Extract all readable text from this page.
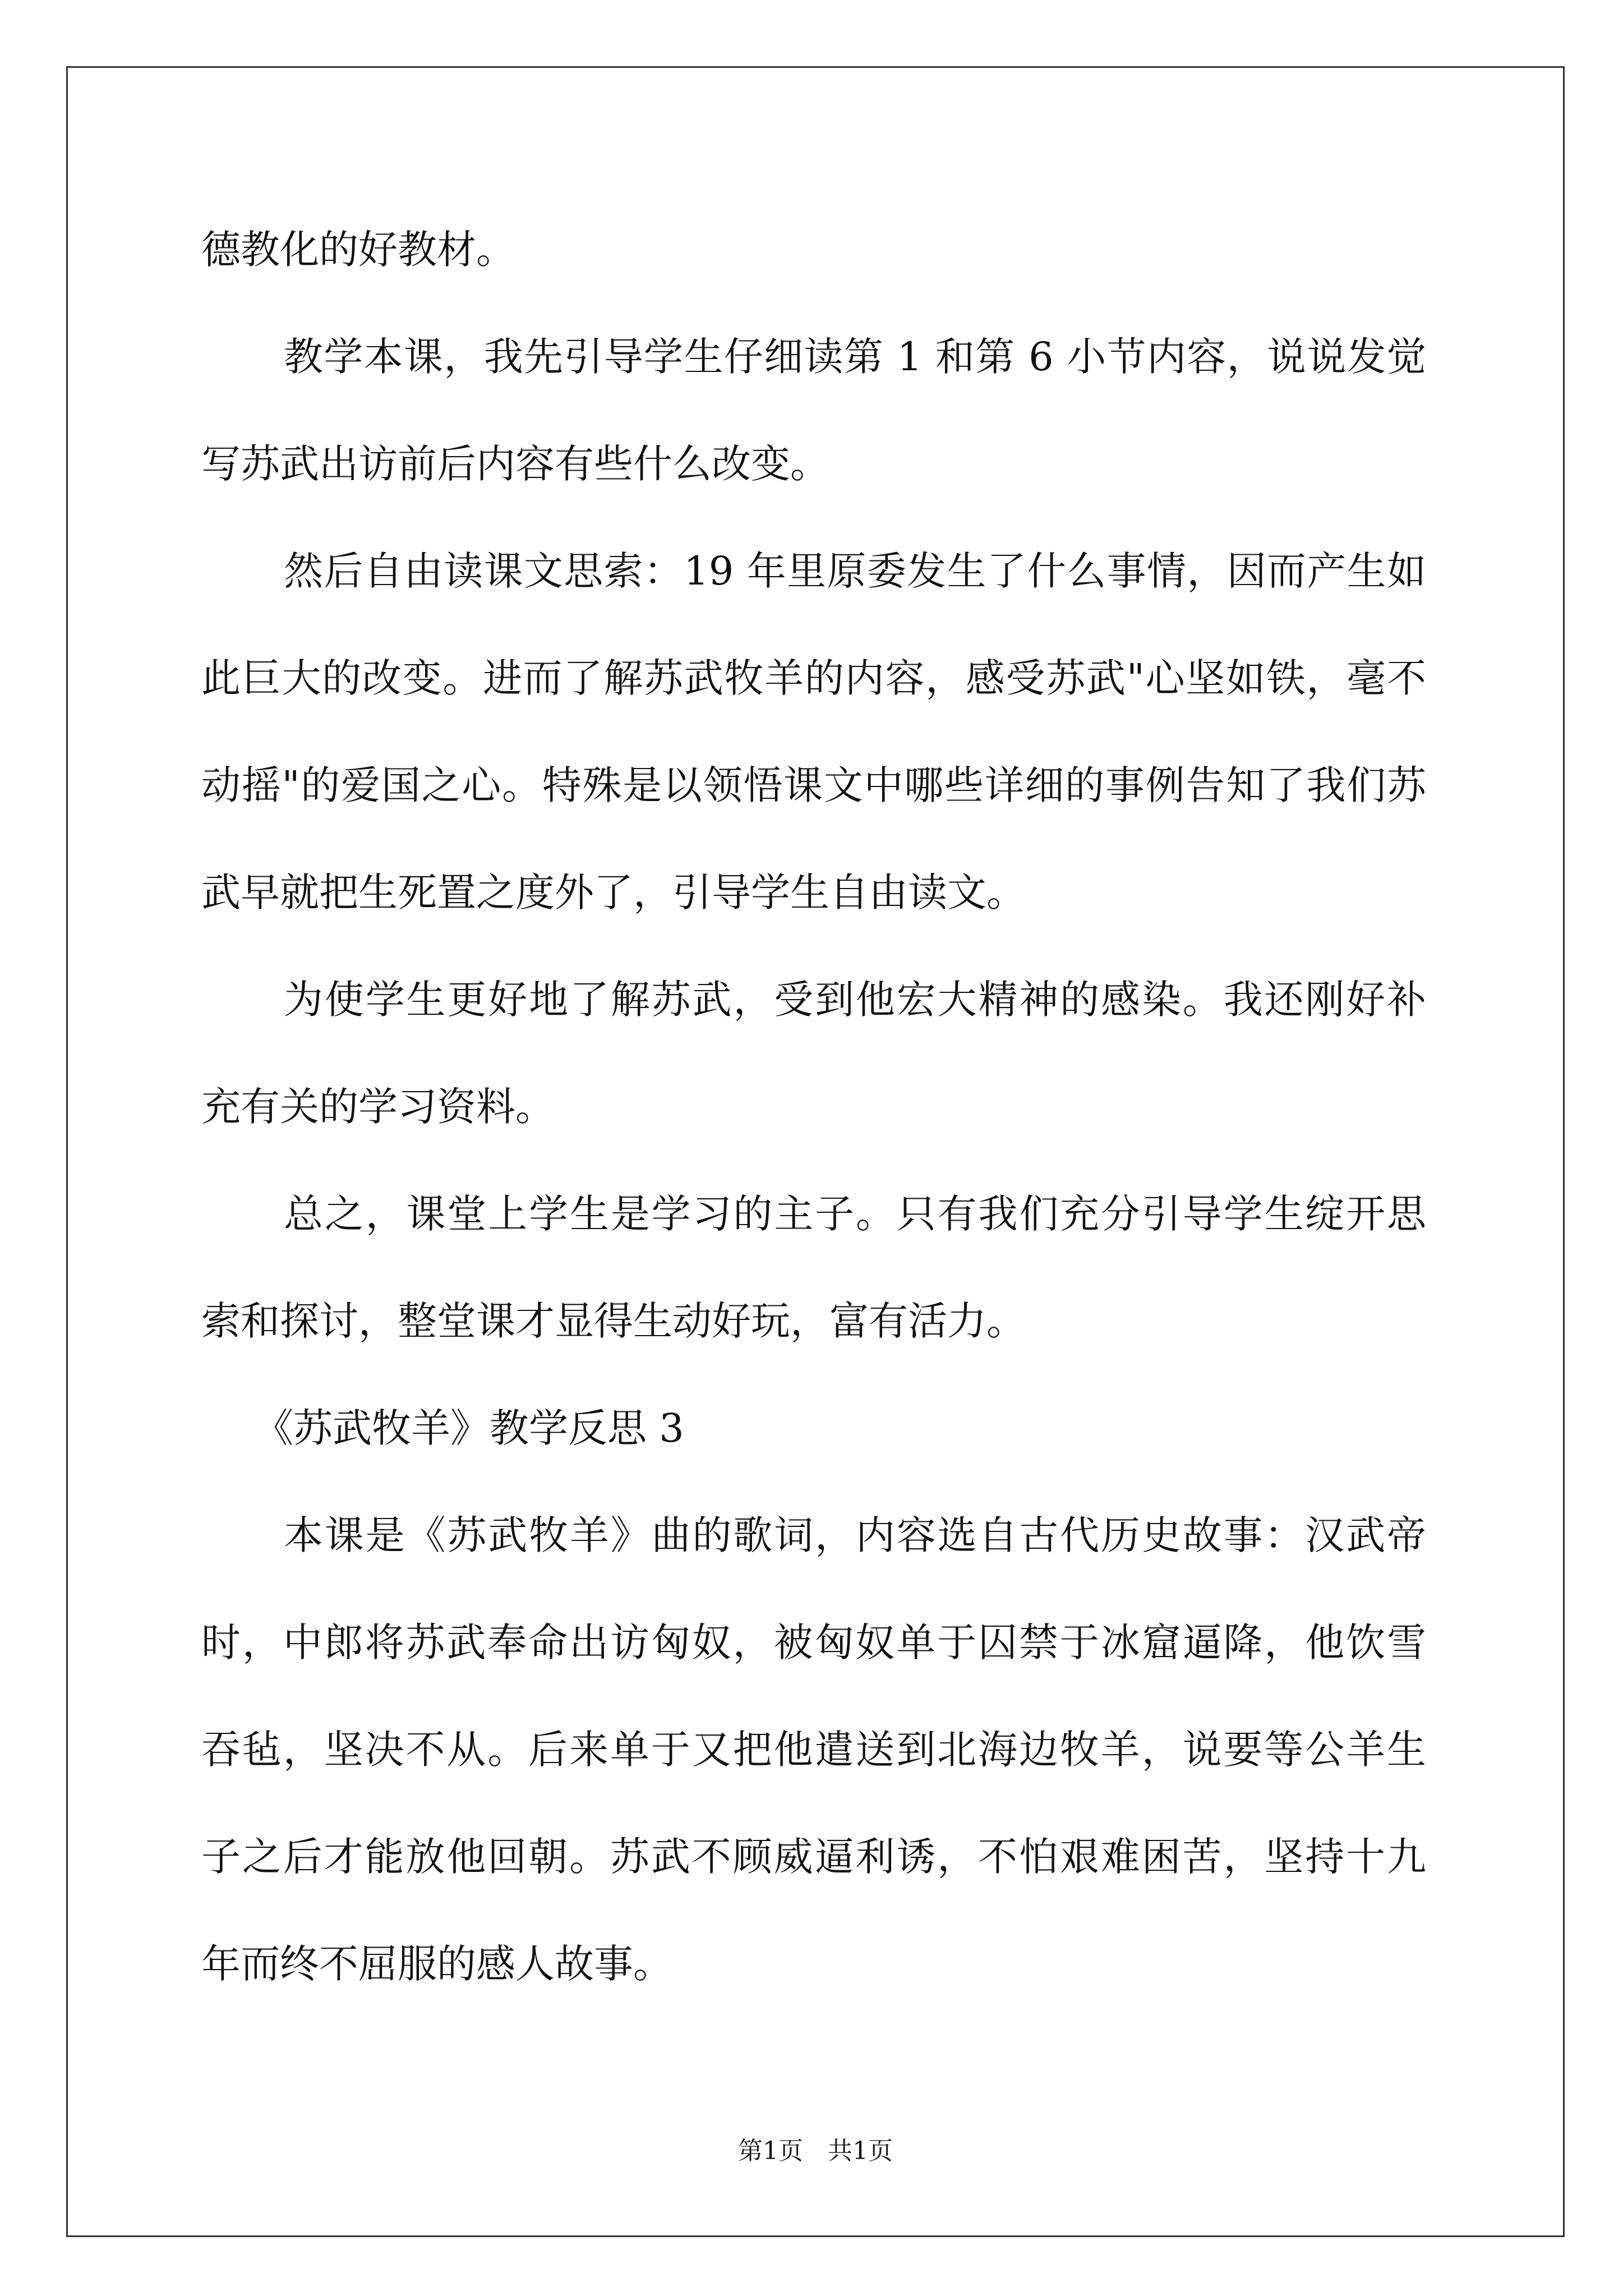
德教化的好教材。
教学本课，我先引导学生仔细读第 1 和第 6 小节内容，说说发觉
写苏武出访前后内容有些什么改变。
然后自由读课文思索：19 年里原委发生了什么事情，因而产生如
此巨大的改变。进而了解苏武牧羊的内容，感受苏武"心坚如铁，毫不
动摇"的爱国之心。特殊是以领悟课文中哪些详细的事例告知了我们苏
武早就把生死置之度外了，引导学生自由读文。
为使学生更好地了解苏武，受到他宏大精神的感染。我还刚好补
充有关的学习资料。
总之，课堂上学生是学习的主子。只有我们充分引导学生绽开思
索和探讨，整堂课才显得生动好玩，富有活力。
《苏武牧羊》教学反思 3
本课是《苏武牧羊》曲的歌词，内容选自古代历史故事：汉武帝
时，中郎将苏武奉命出访匈奴，被匈奴单于囚禁于冰窟逼降，他饮雪
吞毡，坚决不从。后来单于又把他遣送到北海边牧羊，说要等公羊生
子之后才能放他回朝。苏武不顾威逼利诱，不怕艰难困苦，坚持十九
年而终不屈服的感人故事。
第1页　共1页
